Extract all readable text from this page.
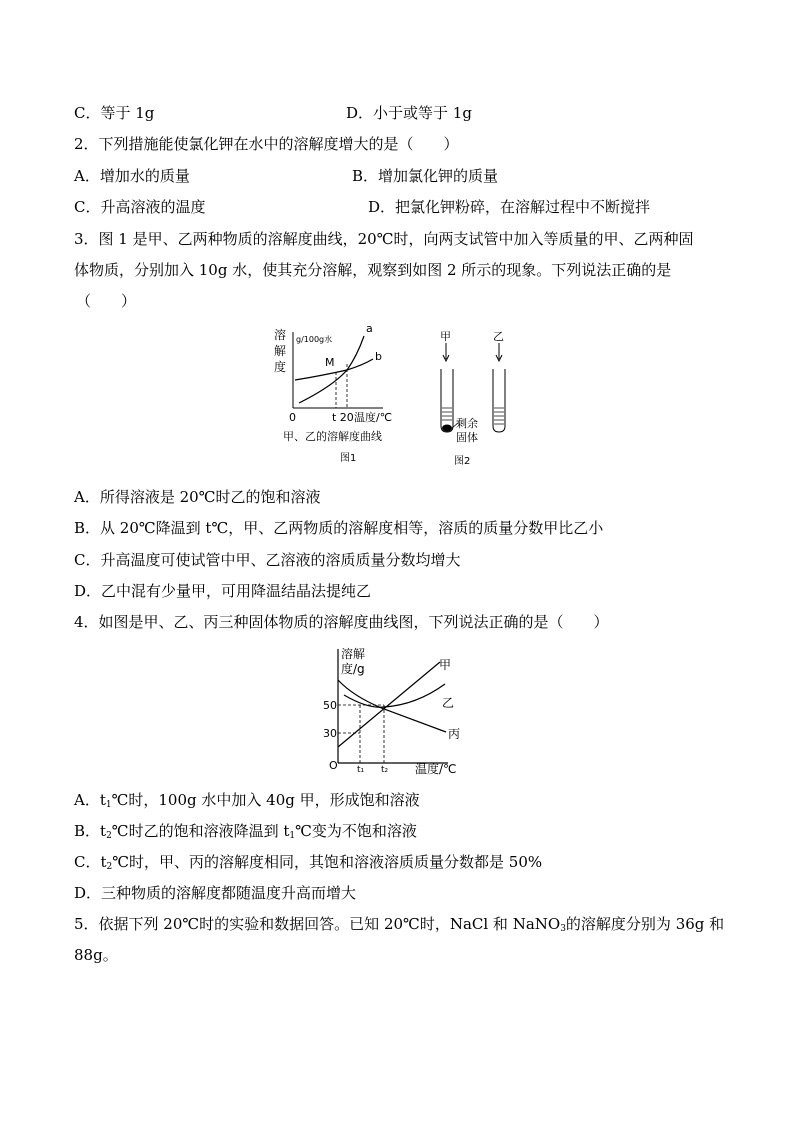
C．等于 1g	D．小于或等于 1g
2．下列措施能使氯化钾在水中的溶解度增大的是（　　）
A．增加水的质量	B．增加氯化钾的质量
C．升高溶液的温度	D．把氯化钾粉碎，在溶解过程中不断搅拌
3．图 1 是甲、乙两种物质的溶解度曲线，20℃时，向两支试管中加入等质量的甲、乙两种固
体物质，分别加入 10g 水，使其充分溶解，观察到如图 2 所示的现象。下列说法正确的是
（　　）
溶
解
度
g/100g水
a
b
M
0	t 20 温度/℃
甲、乙的溶解度曲线
图1
甲	乙
剩余
固体
图2
A．所得溶液是 20℃时乙的饱和溶液
B．从 20℃降温到 t℃，甲、乙两物质的溶解度相等，溶质的质量分数甲比乙小
C．升高温度可使试管中甲、乙溶液的溶质质量分数均增大
D．乙中混有少量甲，可用降温结晶法提纯乙
4．如图是甲、乙、丙三种固体物质的溶解度曲线图，下列说法正确的是（　　）
溶解
度/g	甲
乙
丙
50
30
O t₁ t₂ 温度/℃
A．$t_1℃$时，100g 水中加入 40g 甲，形成饱和溶液
B．$t_2℃$时乙的饱和溶液降温到 $t_1℃$变为不饱和溶液
C．$t_2℃$时，甲、丙的溶解度相同，其饱和溶液溶质质量分数都是 50%
D．三种物质的溶解度都随温度升高而增大
5．依据下列 20℃时的实验和数据回答。已知 20℃时，NaCl 和 NaNO$_3$的溶解度分别为 36g 和
88g。
